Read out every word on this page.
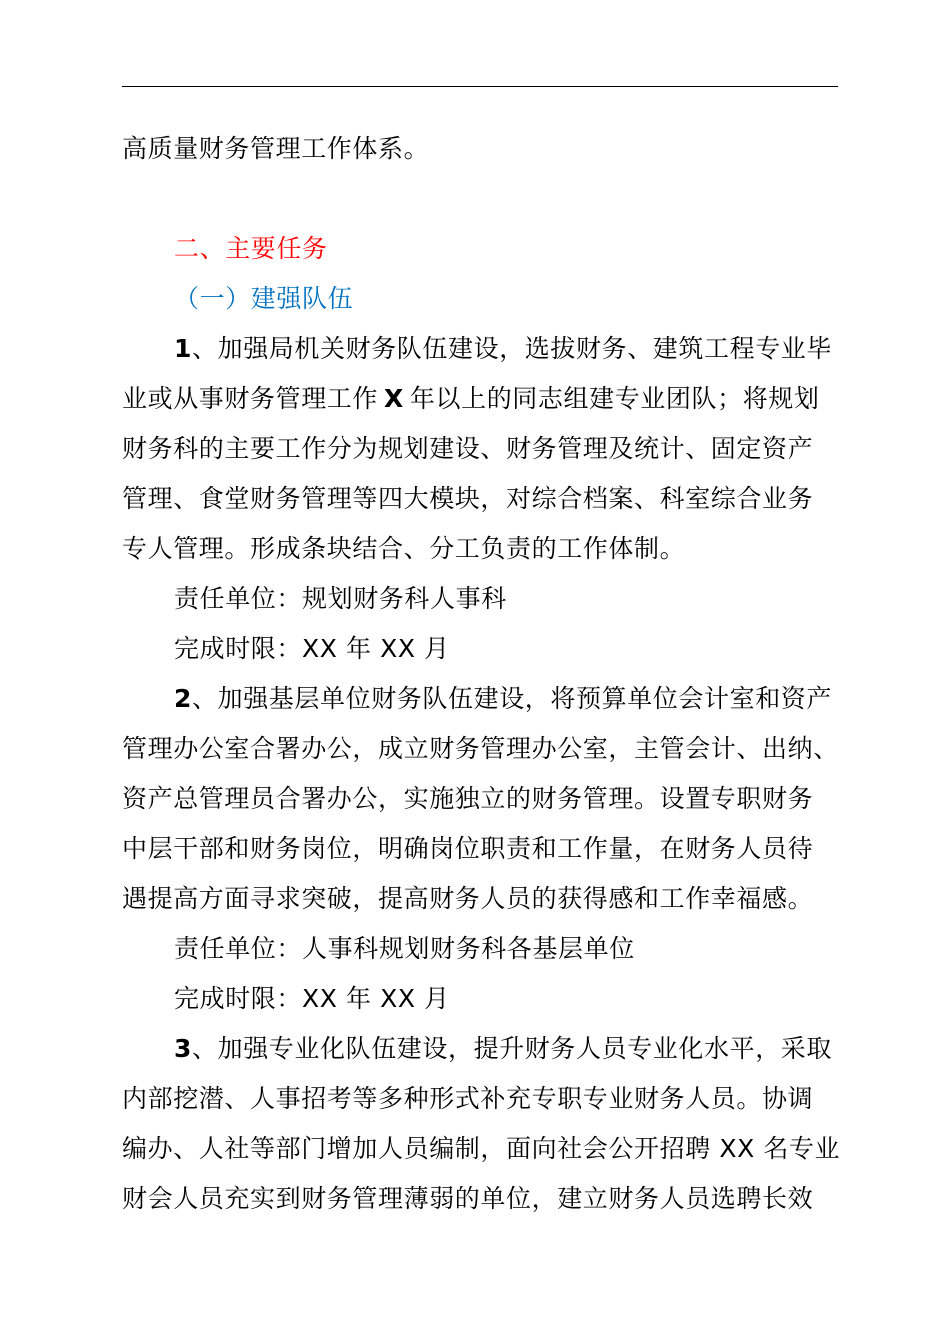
高质量财务管理工作体系。
二、主要任务
（一）建强队伍
1、加强局机关财务队伍建设，选拔财务、建筑工程专业毕
业或从事财务管理工作 X 年以上的同志组建专业团队；将规划
财务科的主要工作分为规划建设、财务管理及统计、固定资产
管理、食堂财务管理等四大模块，对综合档案、科室综合业务
专人管理。形成条块结合、分工负责的工作体制。
责任单位：规划财务科人事科
完成时限：XX 年 XX 月
2、加强基层单位财务队伍建设，将预算单位会计室和资产
管理办公室合署办公，成立财务管理办公室，主管会计、出纳、
资产总管理员合署办公，实施独立的财务管理。设置专职财务
中层干部和财务岗位，明确岗位职责和工作量，在财务人员待
遇提高方面寻求突破，提高财务人员的获得感和工作幸福感。
责任单位：人事科规划财务科各基层单位
完成时限：XX 年 XX 月
3、加强专业化队伍建设，提升财务人员专业化水平，采取
内部挖潜、人事招考等多种形式补充专职专业财务人员。协调
编办、人社等部门增加人员编制，面向社会公开招聘 XX 名专业
财会人员充实到财务管理薄弱的单位，建立财务人员选聘长效
